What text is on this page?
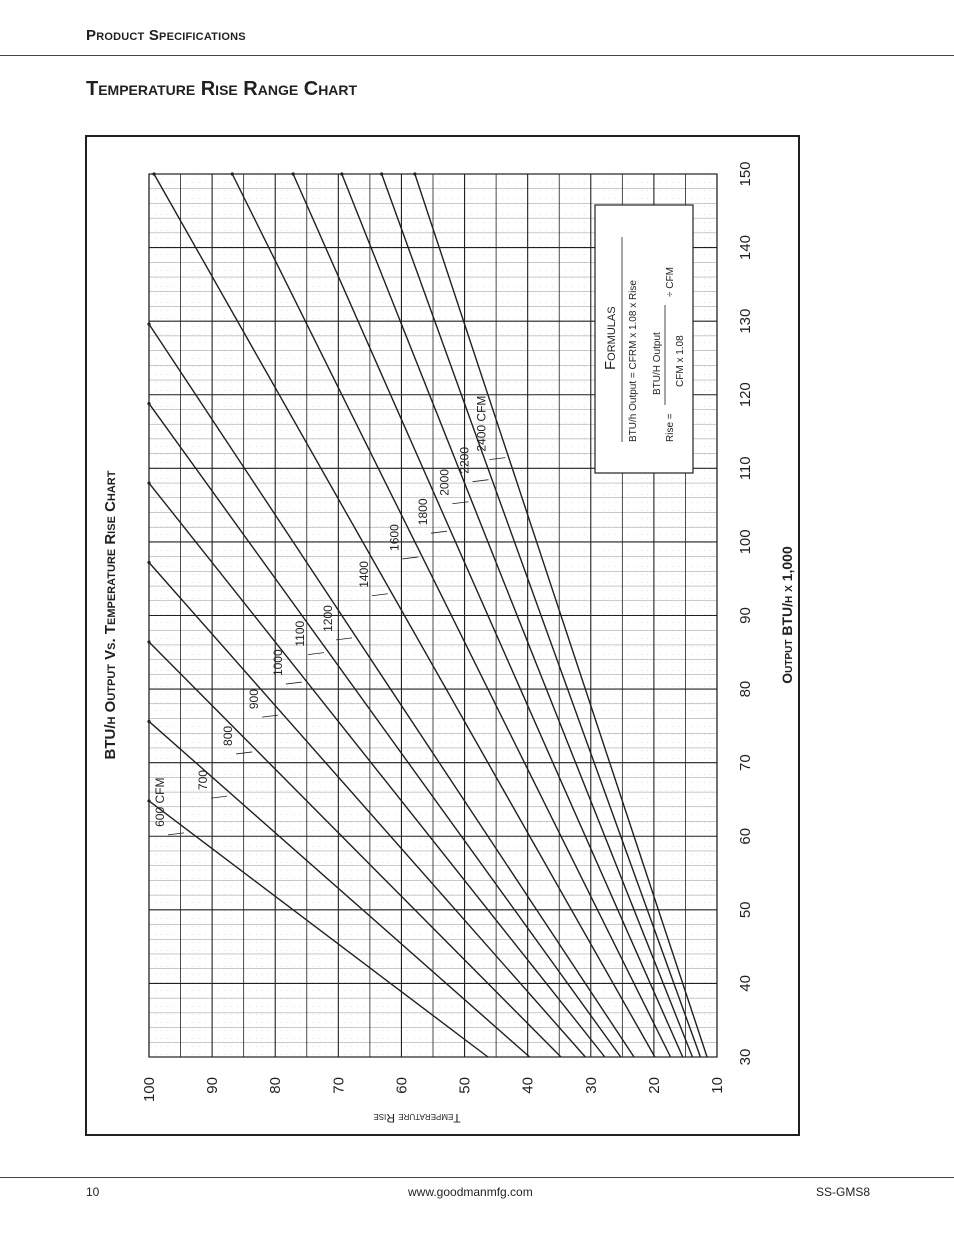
Product Specifications
Temperature Rise Range Chart
Formulas BTU/h Output = CFRM x 1.08 x Rise	Rise =
BTU/H Output CFM x 1.08
÷ CFM
600 CFM 700
800
900
1000
1100
1200
1400
1600
1800
2000
2200
2400 CFM
30
40
50
60
70
80
90
100
110
120
130
140
150
100	90	80	70	60	50	40	30	20	10
Output BTU/h x 1,000
Temperature Rise
BTU/h Output Vs. Temperature Rise Chart
10	www.goodmanmfg.com	SS-GMS8
